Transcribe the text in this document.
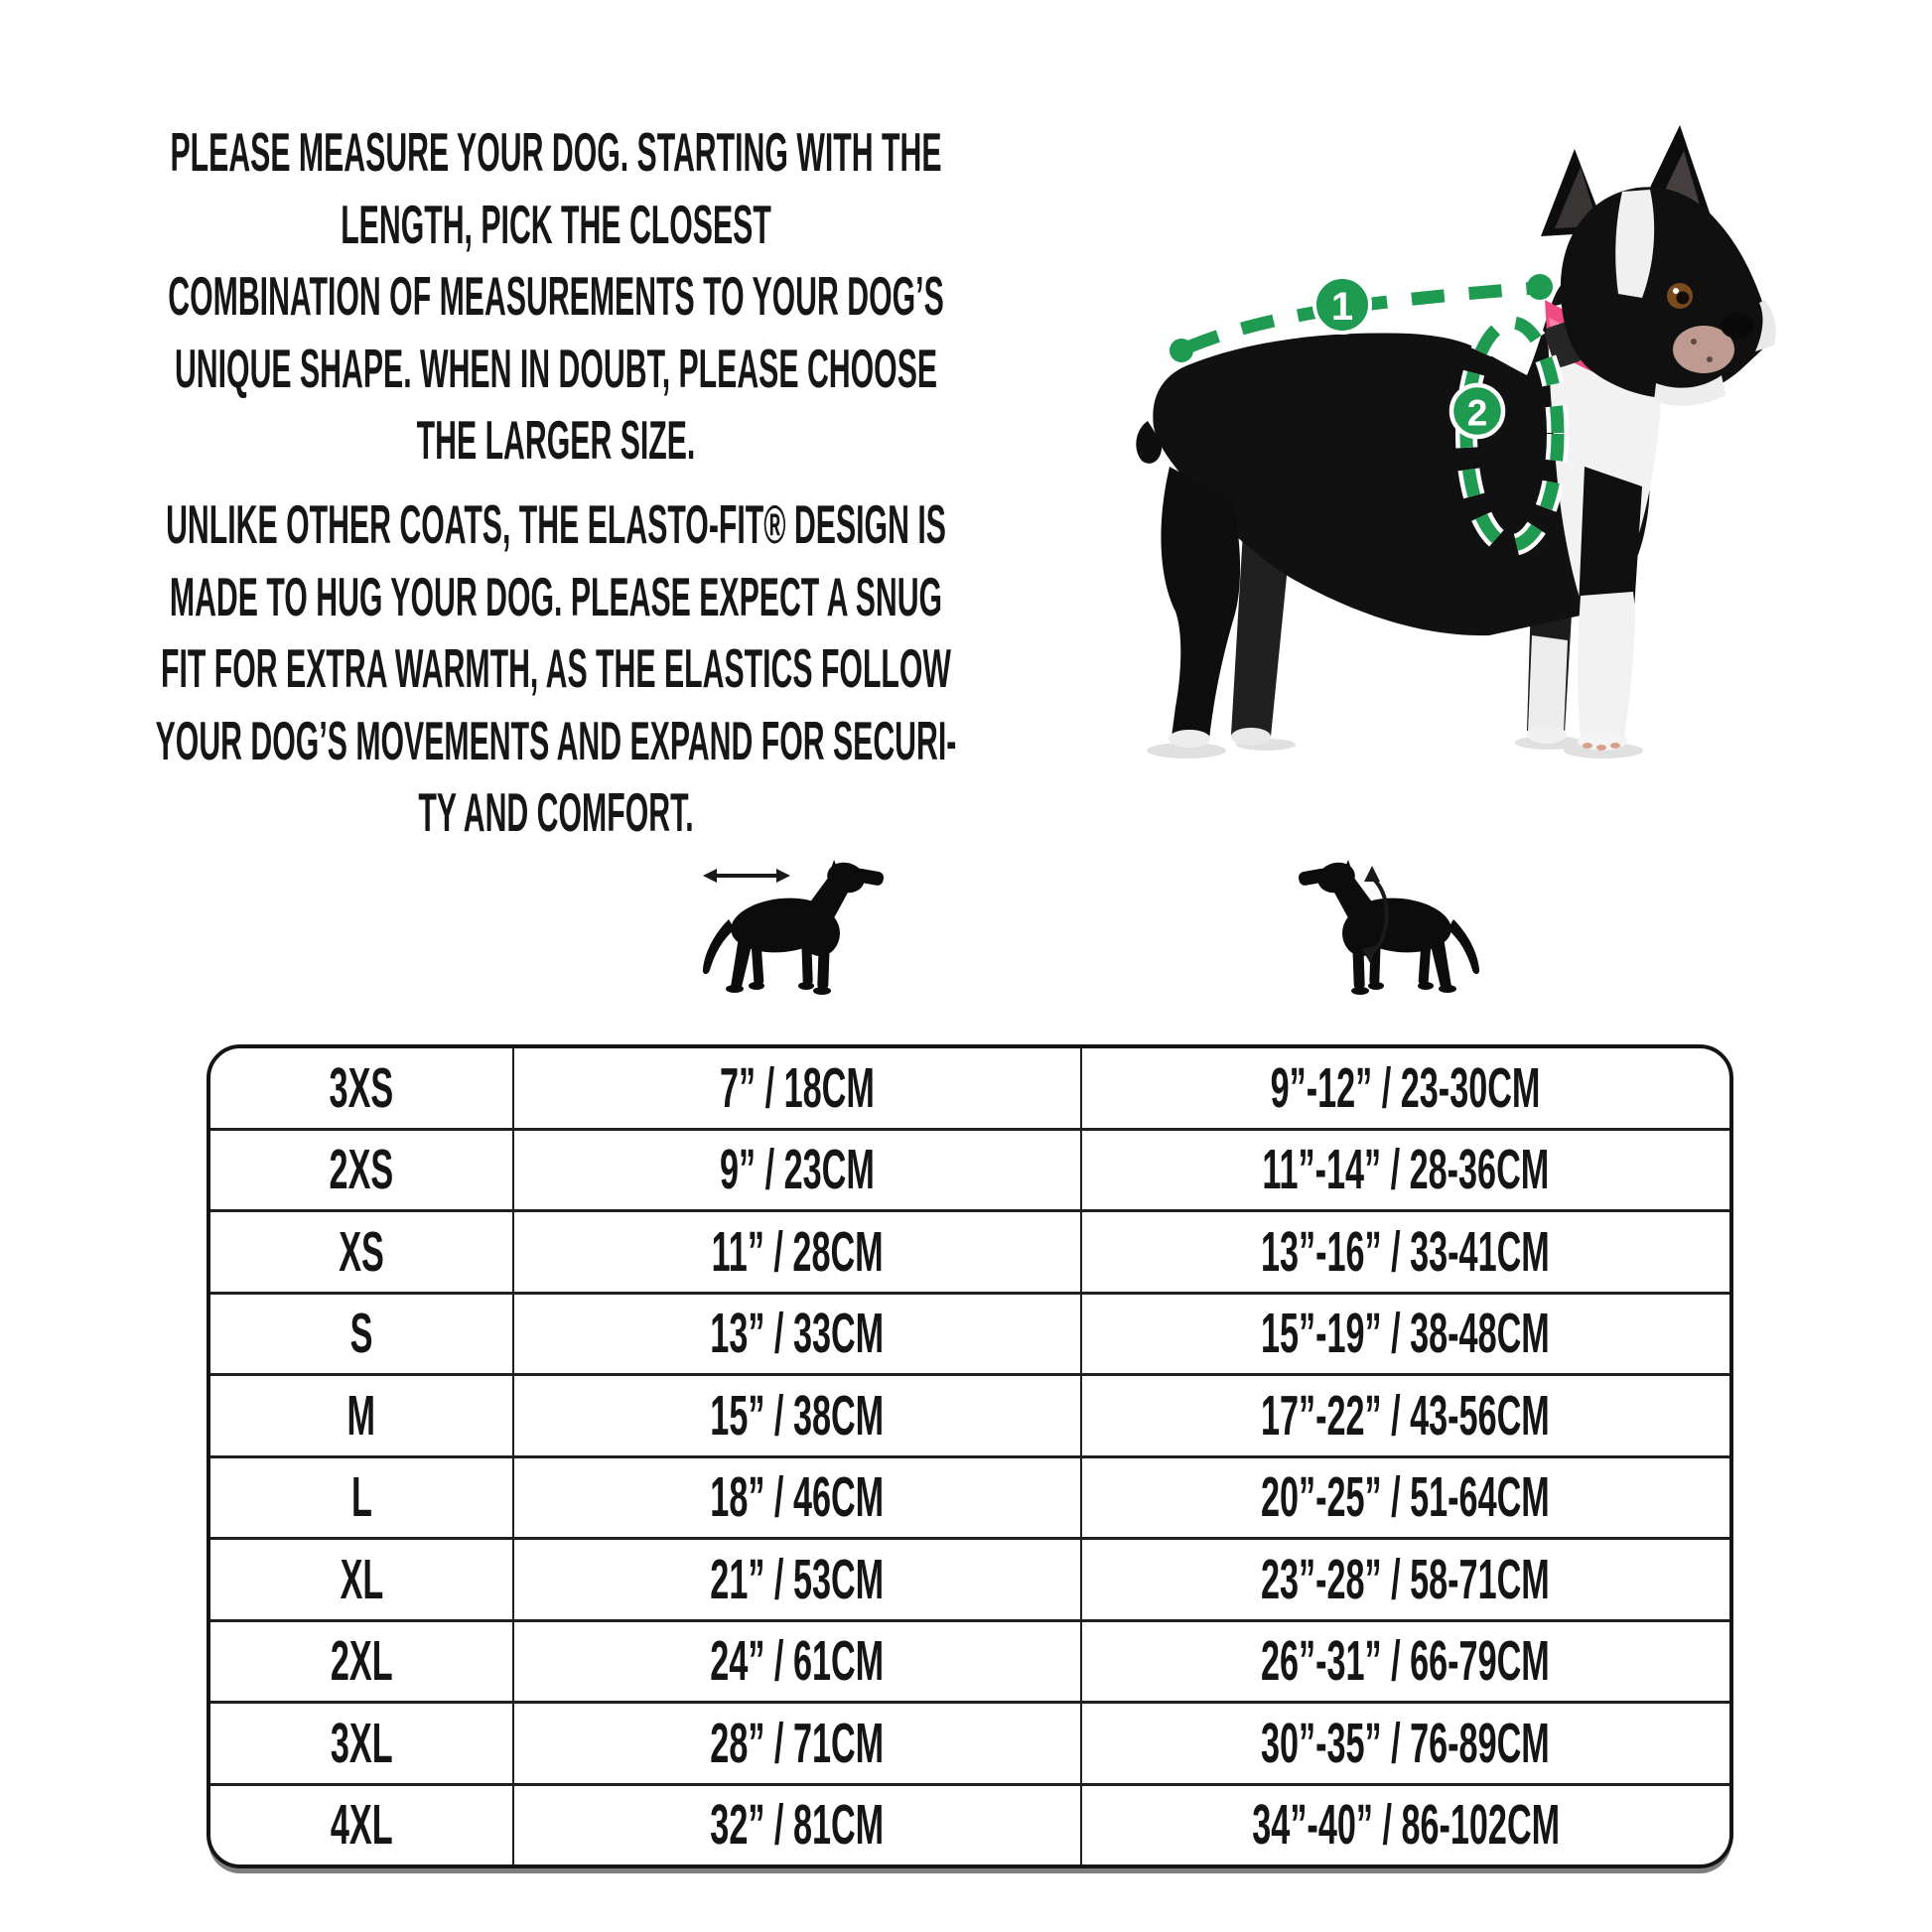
PLEASE MEASURE YOUR DOG. STARTING WITH THE
LENGTH, PICK THE CLOSEST
COMBINATION OF MEASUREMENTS TO YOUR DOG’S
UNIQUE SHAPE. WHEN IN DOUBT, PLEASE CHOOSE
THE LARGER SIZE.
UNLIKE OTHER COATS, THE ELASTO-FIT® DESIGN IS
MADE TO HUG YOUR DOG. PLEASE EXPECT A SNUG
FIT FOR EXTRA WARMTH, AS THE ELASTICS FOLLOW
YOUR DOG’S MOVEMENTS AND EXPAND FOR SECURI-
TY AND COMFORT.
1
2
3XS	7” / 18CM	9”-12” / 23-30CM
2XS	9” / 23CM	11”-14” / 28-36CM
XS	11” / 28CM	13”-16” / 33-41CM
S	13” / 33CM	15”-19” / 38-48CM
M	15” / 38CM	17”-22” / 43-56CM
L	18” / 46CM	20”-25” / 51-64CM
XL	21” / 53CM	23”-28” / 58-71CM
2XL	24” / 61CM	26”-31” / 66-79CM
3XL	28” / 71CM	30”-35” / 76-89CM
4XL	32” / 81CM	34”-40” / 86-102CM
